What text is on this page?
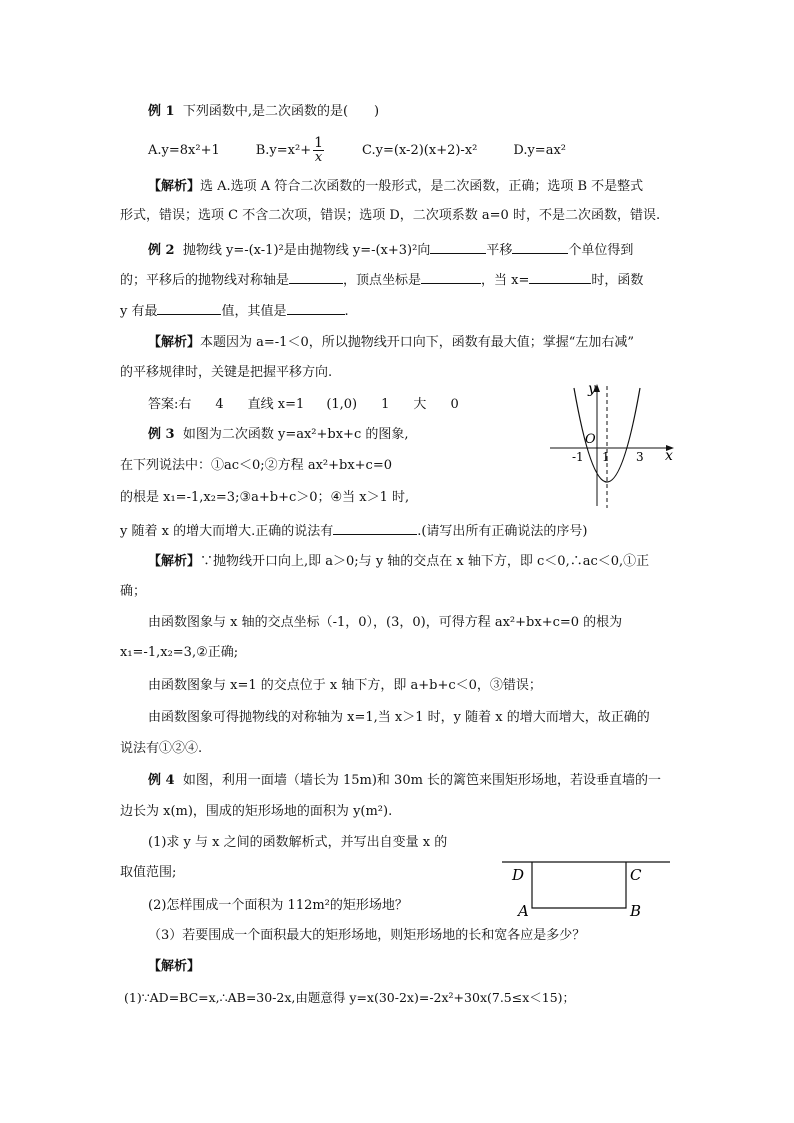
例 1 下列函数中,是二次函数的是(　　)
A.y=8x²+1	$B.y=x^2+ \frac{1}{x}$	C.y=(x-2)(x+2)-x²	D.y=ax²
【解析】选 A.选项 A 符合二次函数的一般形式，是二次函数，正确；选项 B 不是整式
形式，错误；选项 C 不含二次项，错误；选项 D，二次项系数 a=0 时，不是二次函数，错误.
例 2 抛物线 y=-(x-1)²是由抛物线 y=-(x+3)²向	平移	个单位得到
的；平移后的抛物线对称轴是	，顶点坐标是	，当 x=	时，函数
y 有最	值，其值是	.
【解析】本题因为 a=-1＜0，所以抛物线开口向下，函数有最大值；掌握“左加右减”
的平移规律时，关键是把握平移方向.
答案:右 4 直线 x=1 (1,0) 1 大 0
例 3 如图为二次函数 y=ax²+bx+c 的图象,
在下列说法中：①ac＜0;②方程 ax²+bx+c=0
的根是 x₁=-1,x₂=3;③a+b+c＞0；④当 x＞1 时,
y 随着 x 的增大而增大.正确的说法有	.(请写出所有正确说法的序号)
y
x
O
-1 1 3
【解析】∵抛物线开口向上,即 a＞0;与 y 轴的交点在 x 轴下方，即 c＜0,∴ac＜0,①正
确；
由函数图象与 x 轴的交点坐标（-1，0），(3，0)，可得方程 ax²+bx+c=0 的根为
x₁=-1,x₂=3,②正确;
由函数图象与 x=1 的交点位于 x 轴下方，即 a+b+c＜0，③错误；
由函数图象可得抛物线的对称轴为 x=1,当 x＞1 时，y 随着 x 的增大而增大，故正确的
说法有①②④.
例 4 如图，利用一面墙（墙长为 15m)和 30m 长的篱笆来围矩形场地，若设垂直墙的一
边长为 x(m)，围成的矩形场地的面积为 y(m²).
(1)求 y 与 x 之间的函数解析式，并写出自变量 x 的
取值范围;
(2)怎样围成一个面积为 112m²的矩形场地？
（3）若要围成一个面积最大的矩形场地，则矩形场地的长和宽各应是多少？
D	C
A	B
【解析】
(1)∵AD=BC=x,∴AB=30-2x,由题意得 y=x(30-2x)=-2x²+30x(7.5≤x＜15)；
